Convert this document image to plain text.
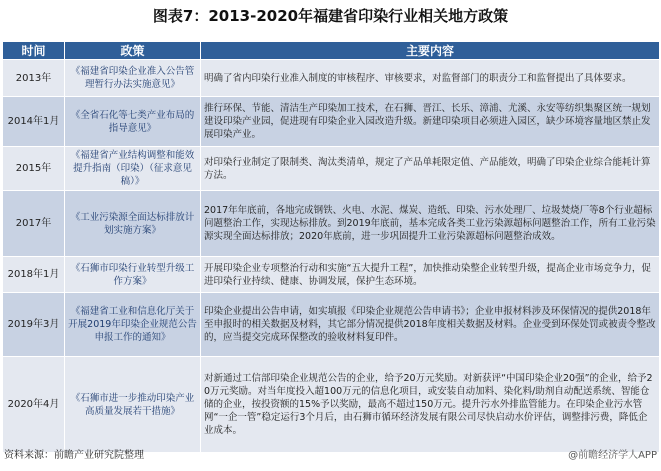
图表7：2013-2020年福建省印染行业相关地方政策
时间	政策	主要内容
2013年	《福建省印染企业准入公告管理暂行办法实施意见》	明确了省内印染行业准入制度的审核程序、审核要求，对监督部门的职责分工和监督提出了具体要求。
2014年1月	《全省石化等七类产业布局的指导意见》	推行环保、节能、清洁生产印染加工技术，在石狮、晋江、长乐、漳浦、尤溪、永安等纺织集聚区统一规划建设印染产业园，促进现有印染企业入园改造升级。新建印染项目必须进入园区，缺少环境容量地区禁止发展印染产业。
2015年	《福建省产业结构调整和能效提升指南（印染）（征求意见稿）》	对印染行业制定了限制类、淘汰类清单，规定了产品单耗限定值、产品能效，明确了印染企业综合能耗计算方法。
2017年	《工业污染源全面达标排放计划实施方案》	2017年年底前，各地完成钢铁、火电、水泥、煤炭、造纸、印染、污水处理厂、垃圾焚烧厂等8个行业超标问题整治工作，实现达标排放。到2019年底前，基本完成各类工业污染源超标问题整治工作，所有工业污染源实现全面达标排放；2020年底前，进一步巩固提升工业污染源超标问题整治成效。
2018年1月	《石狮市印染行业转型升级工作方案》	开展印染企业专项整治行动和实施“五大提升工程”，加快推动染整企业转型升级，提高企业市场竞争力，促进印染行业持续、健康、协调发展，保护生态环境。
2019年3月	《福建省工业和信息化厅关于开展2019年印染企业规范公告申报工作的通知》	印染企业提出公告申请，如实填报《印染企业规范公告申请书》；企业申报材料涉及环保情况的提供2018年至申报时的相关数据及材料，其它部分情况提供2018年度相关数据及材料。企业受到环保处罚或被责令整改的，应当提交完成环保整改的验收材料复印件。
2020年4月	《石狮市进一步推动印染产业高质量发展若干措施》	对新通过工信部印染企业规范公告的企业，给予20万元奖励。对新获评“中国印染企业20强”的企业，给予20万元奖励。对当年度投入超100万元的信息化项目，或安装自动加料、染化料/助剂自动配送系统、智能仓储的企业，按投资额的15%予以奖励，最高不超过150万元。提升污水外排监管能力。在印染企业污水管网“一企一管”稳定运行3个月后，由石狮市循环经济发展有限公司尽快启动水价评估，调整排污费，降低企业成本。
资料来源：前瞻产业研究院整理	@前瞻经济学人APP
